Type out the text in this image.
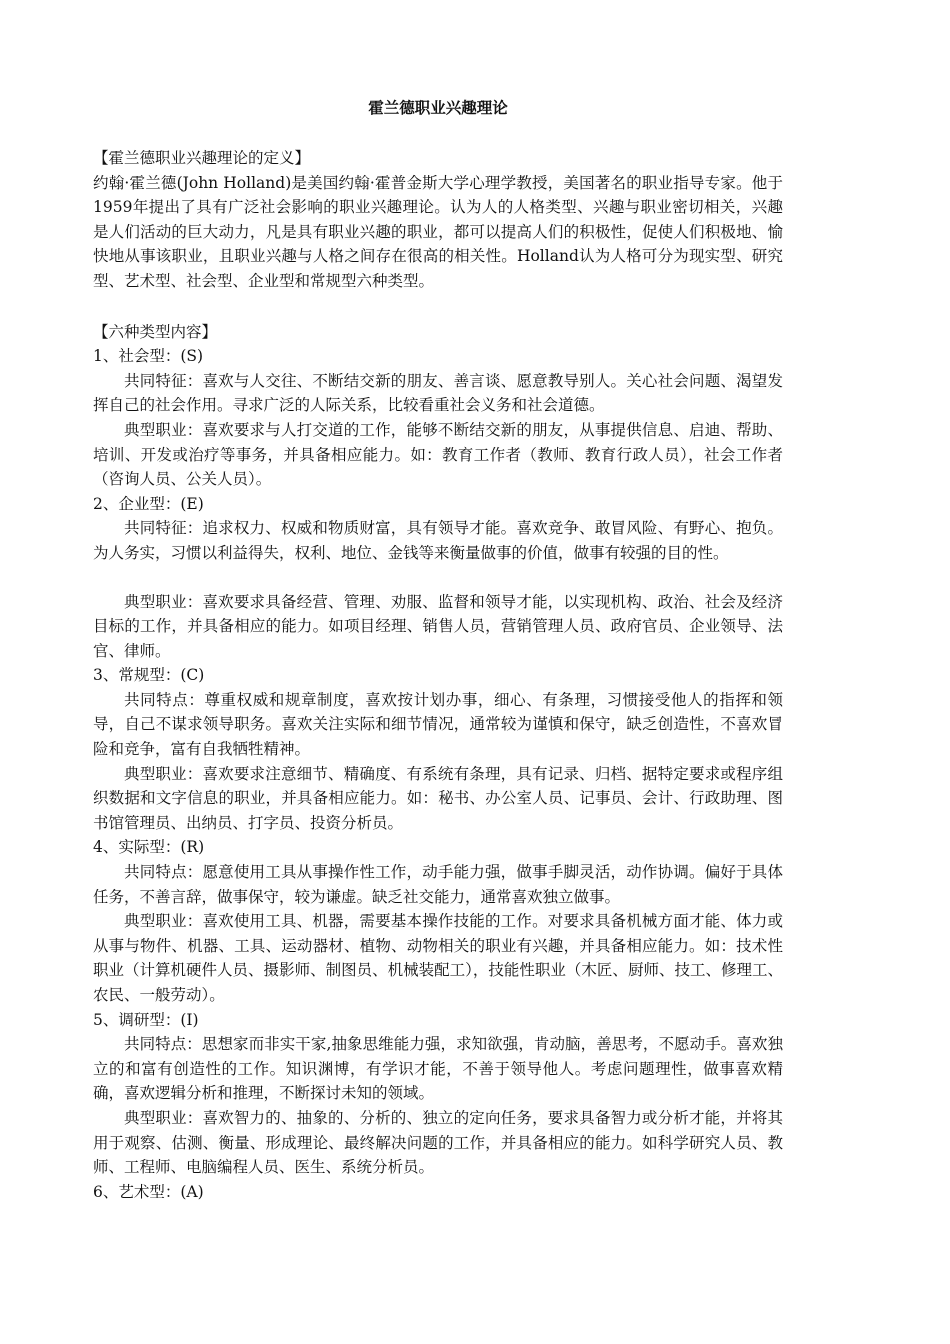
霍兰德职业兴趣理论

【霍兰德职业兴趣理论的定义】

约翰·霍兰德(John Holland)是美国约翰·霍普金斯大学心理学教授，美国著名的职业指导专家。他于1959年提出了具有广泛社会影响的职业兴趣理论。认为人的人格类型、兴趣与职业密切相关，兴趣是人们活动的巨大动力，凡是具有职业兴趣的职业，都可以提高人们的积极性，促使人们积极地、愉快地从事该职业，且职业兴趣与人格之间存在很高的相关性。Holland认为人格可分为现实型、研究型、艺术型、社会型、企业型和常规型六种类型。

【六种类型内容】

1、社会型：(S)

共同特征：喜欢与人交往、不断结交新的朋友、善言谈、愿意教导别人。关心社会问题、渴望发挥自己的社会作用。寻求广泛的人际关系，比较看重社会义务和社会道德。

典型职业：喜欢要求与人打交道的工作，能够不断结交新的朋友，从事提供信息、启迪、帮助、培训、开发或治疗等事务，并具备相应能力。如：教育工作者（教师、教育行政人员），社会工作者（咨询人员、公关人员）。

2、企业型：(E)

共同特征：追求权力、权威和物质财富，具有领导才能。喜欢竞争、敢冒风险、有野心、抱负。为人务实，习惯以利益得失，权利、地位、金钱等来衡量做事的价值，做事有较强的目的性。

典型职业：喜欢要求具备经营、管理、劝服、监督和领导才能，以实现机构、政治、社会及经济目标的工作，并具备相应的能力。如项目经理、销售人员，营销管理人员、政府官员、企业领导、法官、律师。

3、常规型：(C)

共同特点：尊重权威和规章制度，喜欢按计划办事，细心、有条理，习惯接受他人的指挥和领导，自己不谋求领导职务。喜欢关注实际和细节情况，通常较为谨慎和保守，缺乏创造性，不喜欢冒险和竞争，富有自我牺牲精神。

典型职业：喜欢要求注意细节、精确度、有系统有条理，具有记录、归档、据特定要求或程序组织数据和文字信息的职业，并具备相应能力。如：秘书、办公室人员、记事员、会计、行政助理、图书馆管理员、出纳员、打字员、投资分析员。

4、实际型：(R)

共同特点：愿意使用工具从事操作性工作，动手能力强，做事手脚灵活，动作协调。偏好于具体任务，不善言辞，做事保守，较为谦虚。缺乏社交能力，通常喜欢独立做事。

典型职业：喜欢使用工具、机器，需要基本操作技能的工作。对要求具备机械方面才能、体力或从事与物件、机器、工具、运动器材、植物、动物相关的职业有兴趣，并具备相应能力。如：技术性职业（计算机硬件人员、摄影师、制图员、机械装配工），技能性职业（木匠、厨师、技工、修理工、农民、一般劳动）。

5、调研型：(I)

共同特点：思想家而非实干家,抽象思维能力强，求知欲强，肯动脑，善思考，不愿动手。喜欢独立的和富有创造性的工作。知识渊博，有学识才能，不善于领导他人。考虑问题理性，做事喜欢精确，喜欢逻辑分析和推理，不断探讨未知的领域。

典型职业：喜欢智力的、抽象的、分析的、独立的定向任务，要求具备智力或分析才能，并将其用于观察、估测、衡量、形成理论、最终解决问题的工作，并具备相应的能力。如科学研究人员、教师、工程师、电脑编程人员、医生、系统分析员。

6、艺术型：(A)
